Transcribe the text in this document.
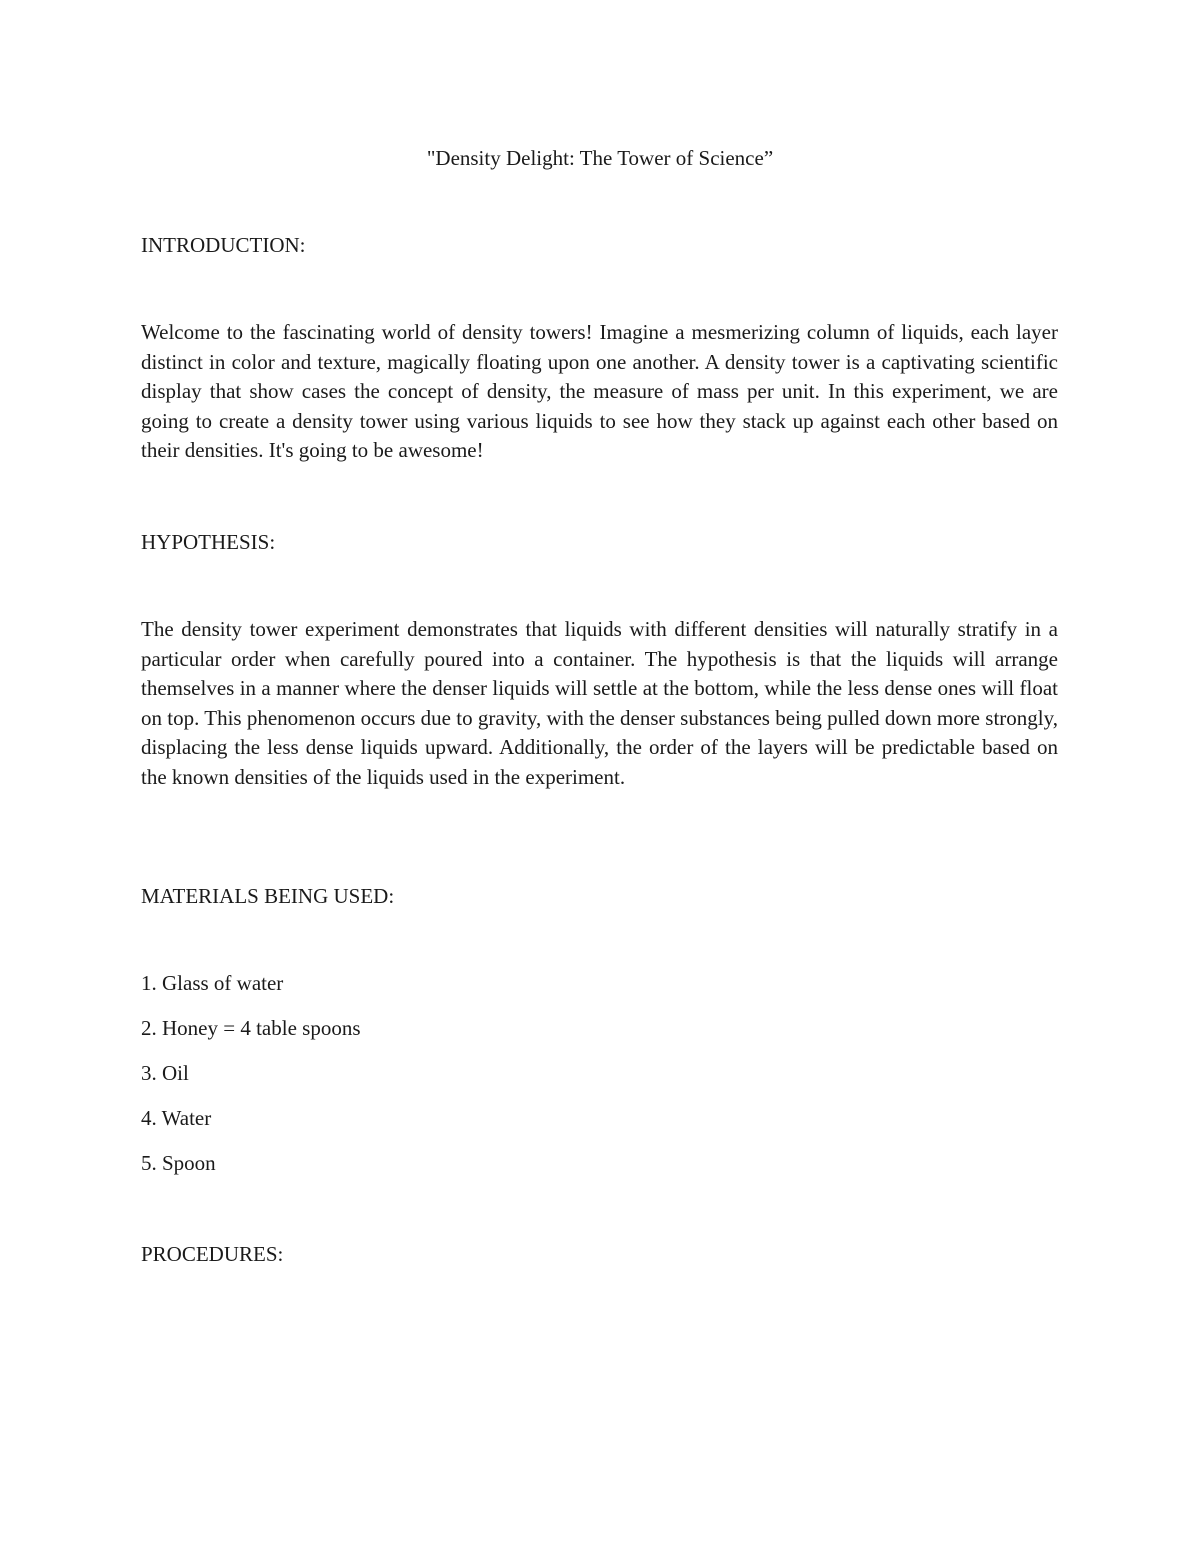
"Density Delight: The Tower of Science”
INTRODUCTION:

Welcome to the fascinating world of density towers! Imagine a mesmerizing column of liquids, each layer distinct in color and texture, magically floating upon one another. A density tower is a captivating scientific display that show cases the concept of density, the measure of mass per unit. In this experiment, we are going to create a density tower using various liquids to see how they stack up against each other based on their densities. It's going to be awesome!

HYPOTHESIS:

The density tower experiment demonstrates that liquids with different densities will naturally stratify in a particular order when carefully poured into a container. The hypothesis is that the liquids will arrange themselves in a manner where the denser liquids will settle at the bottom, while the less dense ones will float on top. This phenomenon occurs due to gravity, with the denser substances being pulled down more strongly, displacing the less dense liquids upward. Additionally, the order of the layers will be predictable based on the known densities of the liquids used in the experiment.

MATERIALS BEING USED:
1. Glass of water
2. Honey = 4 table spoons
3. Oil
4. Water
5. Spoon
PROCEDURES:
